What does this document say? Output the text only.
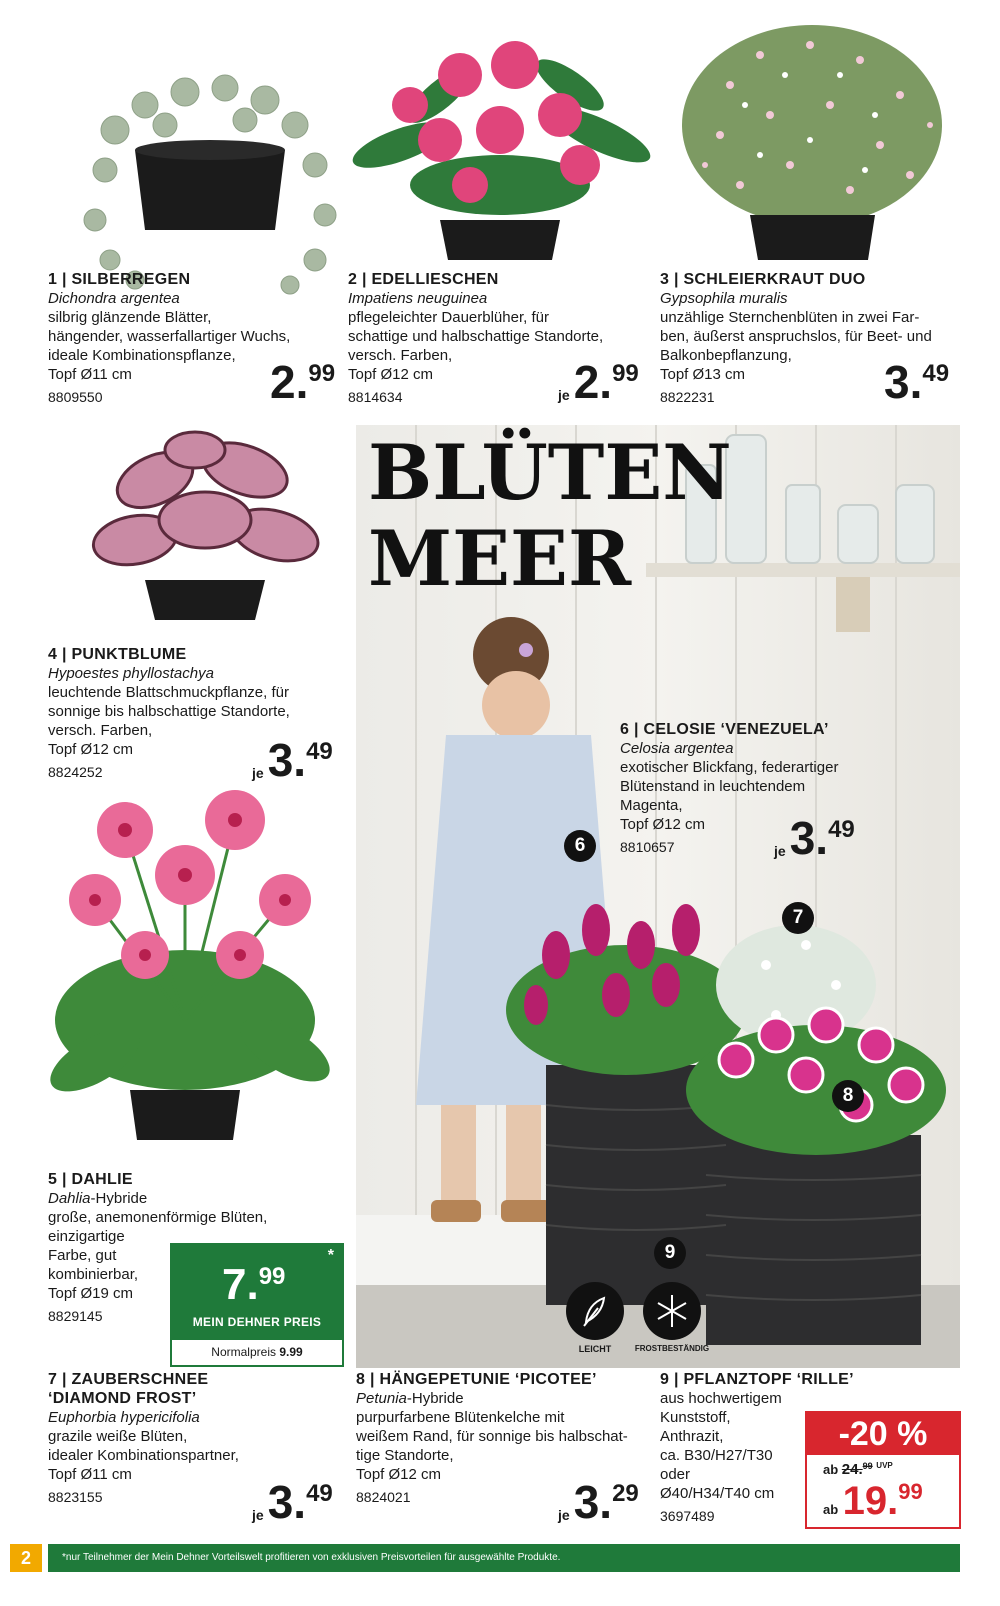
1 | SILBERREGEN
Dichondra argentea
silbrig glänzende Blätter,
hängender, wasserfallartiger Wuchs,
ideale Kombinationspflanze,
Topf Ø11 cm
8809550	2.99
2 | EDELLIESCHEN
Impatiens neuguinea
pflegeleichter Dauerblüher, für
schattige und halbschattige Standorte,
versch. Farben,
Topf Ø12 cm
8814634	je2.99
3 | SCHLEIERKRAUT DUO
Gypsophila muralis
unzählige Sternchenblüten in zwei Far-
ben, äußerst anspruchslos, für Beet- und
Balkonbepflanzung,
Topf Ø13 cm
8822231	3.49
4 | PUNKTBLUME
Hypoestes phyllostachya
leuchtende Blattschmuckpflanze, für
sonnige bis halbschattige Standorte,
versch. Farben,
Topf Ø12 cm
8824252	je3.49
5 | DAHLIE
Dahlia-Hybride
große, anemonenförmige Blüten,
einzigartige
Farbe, gut
kombinierbar,
Topf Ø19 cm
8829145
*
7.99
MEIN DEHNER PREIS
Normalpreis 9.99
BLÜTEN
MEER
6 | CELOSIE ‘VENEZUELA’
Celosia argentea
exotischer Blickfang, federartiger
Blütenstand in leuchtendem
Magenta,
Topf Ø12 cm
8810657	je3.49
6
7
8
9
LEICHT	FROSTBESTÄNDIG
7 | ZAUBERSCHNEE
‘DIAMOND FROST’
Euphorbia hypericifolia
grazile weiße Blüten,
idealer Kombinationspartner,
Topf Ø11 cm
8823155
je3.49
8 | HÄNGEPETUNIE ‘PICOTEE’
Petunia-Hybride
purpurfarbene Blütenkelche mit
weißem Rand, für sonnige bis halbschat-
tige Standorte,
Topf Ø12 cm
8824021
je3.29
9 | PFLANZTOPF ‘RILLE’
aus hochwertigem
Kunststoff,
Anthrazit,
ca. B30/H27/T30
oder
Ø40/H34/T40 cm
3697489
-20 %
ab 24.99 $^{UVP}$
ab 19.99
2	*nur Teilnehmer der Mein Dehner Vorteilswelt profitieren von exklusiven Preisvorteilen für ausgewählte Produkte.
